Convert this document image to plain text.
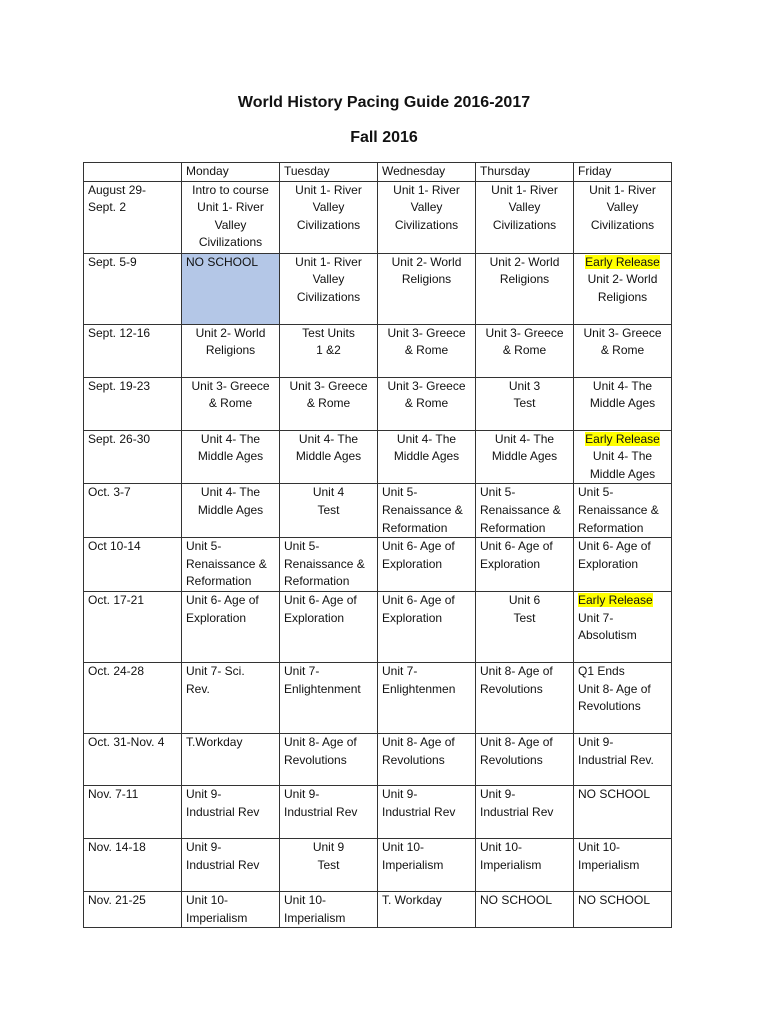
World History Pacing Guide 2016-2017
Fall 2016
	Monday	Tuesday	Wednesday	Thursday	Friday

August 29-
Sept. 2	Intro to course
Unit 1- River
Valley
Civilizations	Unit 1- River
Valley
Civilizations	Unit 1- River
Valley
Civilizations	Unit 1- River
Valley
Civilizations	Unit 1- River
Valley
Civilizations

Sept. 5-9	NO SCHOOL	Unit 1- River
Valley
Civilizations	Unit 2- World
Religions	Unit 2- World
Religions	Early Release
Unit 2- World
Religions

Sept. 12-16	Unit 2- World
Religions	Test Units
1 &2	Unit 3- Greece
& Rome	Unit 3- Greece
& Rome	Unit 3- Greece
& Rome

Sept. 19-23	Unit 3- Greece
& Rome	Unit 3- Greece
& Rome	Unit 3- Greece
& Rome	Unit 3
Test	Unit 4- The
Middle Ages

Sept. 26-30	Unit 4- The
Middle Ages	Unit 4- The
Middle Ages	Unit 4- The
Middle Ages	Unit 4- The
Middle Ages	Early Release
Unit 4- The
Middle Ages

Oct. 3-7	Unit 4- The
Middle Ages	Unit 4
Test	Unit 5-
Renaissance &
Reformation	Unit 5-
Renaissance &
Reformation	Unit 5-
Renaissance &
Reformation

Oct 10-14	Unit 5-
Renaissance &
Reformation	Unit 5-
Renaissance &
Reformation	Unit 6- Age of
Exploration	Unit 6- Age of
Exploration	Unit 6- Age of
Exploration

Oct. 17-21	Unit 6- Age of
Exploration	Unit 6- Age of
Exploration	Unit 6- Age of
Exploration	Unit 6
Test	Early Release
Unit 7-
Absolutism

Oct. 24-28	Unit 7- Sci.
Rev.	Unit 7-
Enlightenment	Unit 7-
Enlightenmen	Unit 8- Age of
Revolutions	Q1 Ends
Unit 8- Age of
Revolutions

Oct. 31-Nov. 4	T.Workday	Unit 8- Age of
Revolutions	Unit 8- Age of
Revolutions	Unit 8- Age of
Revolutions	Unit 9-
Industrial Rev.

Nov. 7-11	Unit 9-
Industrial Rev	Unit 9-
Industrial Rev	Unit 9-
Industrial Rev	Unit 9-
Industrial Rev	NO SCHOOL

Nov. 14-18	Unit 9-
Industrial Rev	Unit 9
Test	Unit 10-
Imperialism	Unit 10-
Imperialism	Unit 10-
Imperialism

Nov. 21-25	Unit 10-
Imperialism	Unit 10-
Imperialism	T. Workday	NO SCHOOL	NO SCHOOL
